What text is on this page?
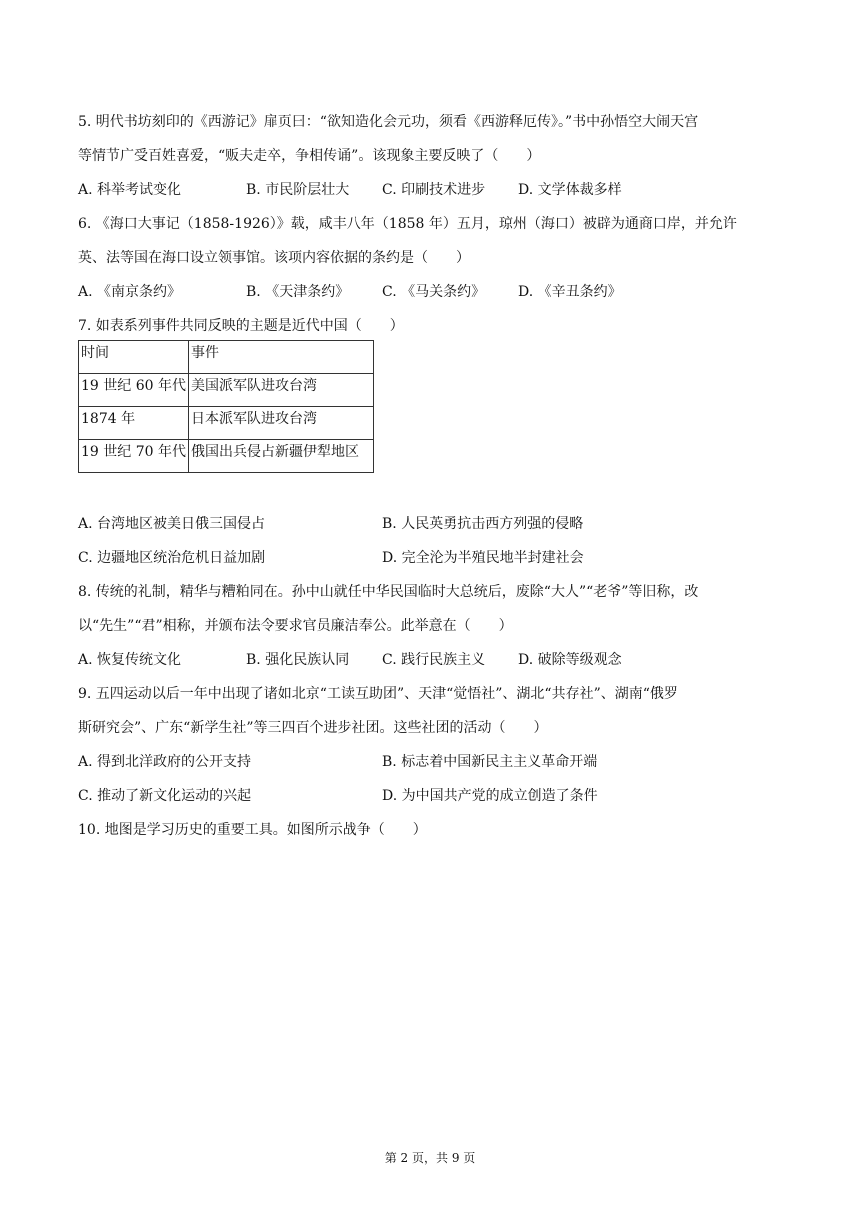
5. 明代书坊刻印的《西游记》扉页曰：“欲知造化会元功，须看《西游释厄传》。”书中孙悟空大闹天宫
等情节广受百姓喜爱，“贩夫走卒，争相传诵”。该现象主要反映了（　　）
A. 科举考试变化	B. 市民阶层壮大 C. 印刷技术进步 D. 文学体裁多样
6. 《海口大事记（1858-1926）》载，咸丰八年（1858 年）五月，琼州（海口）被辟为通商口岸，并允许
英、法等国在海口设立领事馆。该项内容依据的条约是（　　）
A. 《南京条约》	B. 《天津条约》 C. 《马关条约》 D. 《辛丑条约》
7. 如表系列事件共同反映的主题是近代中国（　　）
时间	事件
19 世纪 60 年代	美国派军队进攻台湾
1874 年	日本派军队进攻台湾
19 世纪 70 年代	俄国出兵侵占新疆伊犁地区
A. 台湾地区被美日俄三国侵占	B. 人民英勇抗击西方列强的侵略
C. 边疆地区统治危机日益加剧	D. 完全沦为半殖民地半封建社会
8. 传统的礼制，精华与糟粕同在。孙中山就任中华民国临时大总统后，废除“大人”“老爷”等旧称，改
以“先生”“君”相称，并颁布法令要求官员廉洁奉公。此举意在（　　）
A. 恢复传统文化	B. 强化民族认同 C. 践行民族主义 D. 破除等级观念
9. 五四运动以后一年中出现了诸如北京“工读互助团”、天津“觉悟社”、湖北“共存社”、湖南“俄罗
斯研究会”、广东“新学生社”等三四百个进步社团。这些社团的活动（　　）
A. 得到北洋政府的公开支持	B. 标志着中国新民主主义革命开端
C. 推动了新文化运动的兴起	D. 为中国共产党的成立创造了条件
10. 地图是学习历史的重要工具。如图所示战争（　　）
第 2 页，共 9 页
